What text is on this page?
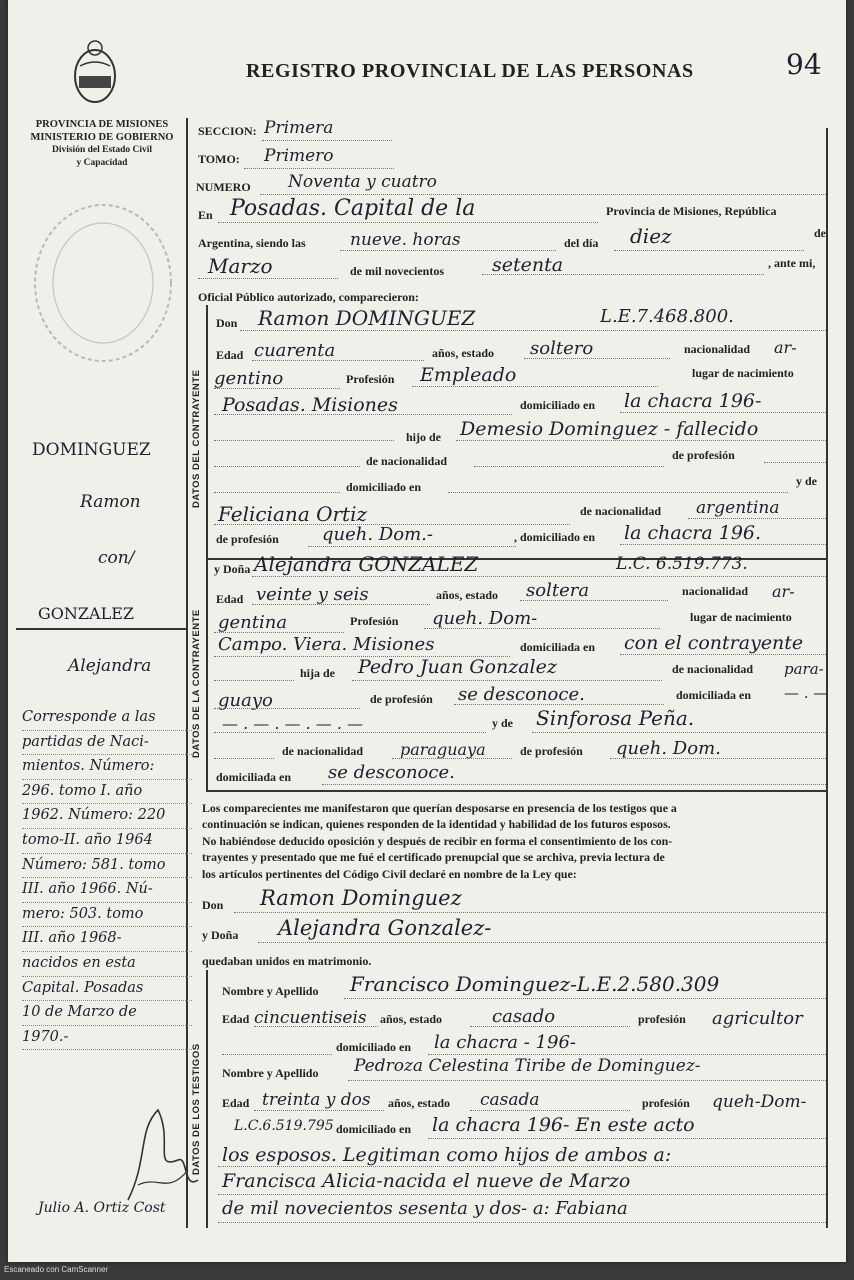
PROVINCIA DE MISIONES
MINISTERIO DE GOBIERNO
División del Estado Civil
y Capacidad
REGISTRO PROVINCIAL DE LAS PERSONAS	94
DATOS DEL CONTRAYENTE
DATOS DE LA CONTRAYENTE
DATOS DE LOS TESTIGOS
SECCION: Primera
TOMO: Primero
NUMERO Noventa y cuatro
En Posadas. Capital de la	Provincia de Misiones, República
Argentina, siendo las	nueve. horas	del día diez	de
Marzo	de mil novecientos	setenta	, ante mi,
Oficial Público autorizado, comparecieron:
Don Ramon DOMINGUEZ	L.E.7.468.800.
Edad cuarenta	años, estado soltero	nacionalidad ar-
gentino	Profesión Empleado	lugar de nacimiento
Posadas. Misiones	domiciliado en la chacra 196-
hijo de Demesio Dominguez - fallecido
de nacionalidad	de profesión
domiciliado en	y de
Feliciana Ortiz	de nacionalidad argentina
de profesión queh. Dom.-	, domiciliado en la chacra 196.
y Doña Alejandra GONZALEZ	L.C. 6.519.773.
Edad veinte y seis	años, estado soltera	nacionalidad ar-
gentina	Profesión queh. Dom-	lugar de nacimiento
Campo. Viera. Misiones	domiciliada en con el contrayente
hija de Pedro Juan Gonzalez	de nacionalidad para-
guayo	de profesión se desconoce.	domiciliada en — . —
— . — . — . — . —	y de Sinforosa Peña.
de nacionalidad paraguaya	de profesión queh. Dom.
domiciliada en se desconoce.
Los comparecientes me manifestaron que querían desposarse en presencia de los testigos que a
continuación se indican, quienes responden de la identidad y habilidad de los futuros esposos.
No habiéndose deducido oposición y después de recibir en forma el consentimiento de los con-
trayentes y presentado que me fué el certificado prenupcial que se archiva, previa lectura de
los artículos pertinentes del Código Civil declaré en nombre de la Ley que:
Don Ramon Dominguez
y Doña Alejandra Gonzalez-
quedaban unidos en matrimonio.
Nombre y Apellido Francisco Dominguez-L.E.2.580.309
Edad cincuentiseis años, estado	casado	profesión agricultor
domiciliado en la chacra - 196-
Nombre y Apellido Pedroza Celestina Tiribe de Dominguez-
Edad treinta y dos años, estado casada	profesión queh-Dom-
L.C.6.519.795 domiciliado en la chacra 196- En este acto
los esposos. Legitiman como hijos de ambos a:
Francisca Alicia-nacida el nueve de Marzo
de mil novecientos sesenta y dos- a: Fabiana
DOMINGUEZ
Ramon
con/
GONZALEZ
Alejandra
Corresponde a las
partidas de Naci-
mientos. Número:
296. tomo I. año
1962. Número: 220
tomo-II. año 1964
Número: 581. tomo
III. año 1966. Nú-
mero: 503. tomo
III. año 1968-
nacidos en esta
Capital. Posadas
10 de Marzo de
1970.-
Julio A. Ortiz Cost
Escaneado con CamScanner
